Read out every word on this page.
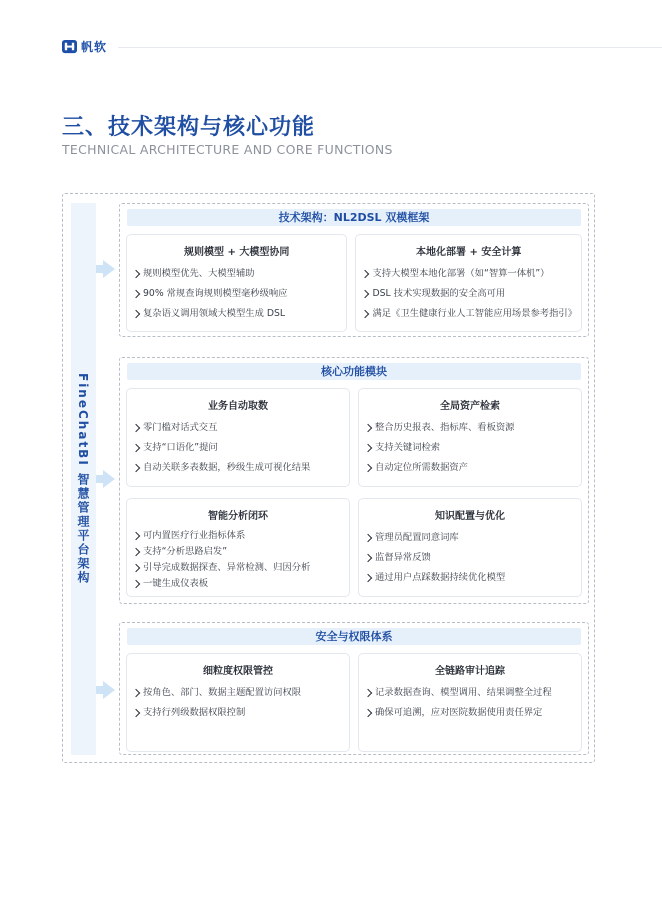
帆软
三、技术架构与核心功能
TECHNICAL ARCHITECTURE AND CORE FUNCTIONS
FineChatBI 智慧管理平台架构
技术架构：NL2DSL 双模框架
规则模型 + 大模型协同
规则模型优先、大模型辅助
90% 常规查询规则模型毫秒级响应
复杂语义调用领域大模型生成 DSL
本地化部署 + 安全计算
支持大模型本地化部署（如“智算一体机”）
DSL 技术实现数据的安全高可用
满足《卫生健康行业人工智能应用场景参考指引》
核心功能模块
业务自动取数
零门槛对话式交互
支持“口语化”提问
自动关联多表数据，秒级生成可视化结果
全局资产检索
整合历史报表、指标库、看板资源
支持关键词检索
自动定位所需数据资产
智能分析闭环
可内置医疗行业指标体系
支持“分析思路启发”
引导完成数据探查、异常检测、归因分析
一键生成仪表板
知识配置与优化
管理员配置同意词库
监督异常反馈
通过用户点踩数据持续优化模型
安全与权限体系
细粒度权限管控
按角色、部门、数据主题配置访问权限
支持行列级数据权限控制
全链路审计追踪
记录数据查询、模型调用、结果调整全过程
确保可追溯，应对医院数据使用责任界定
